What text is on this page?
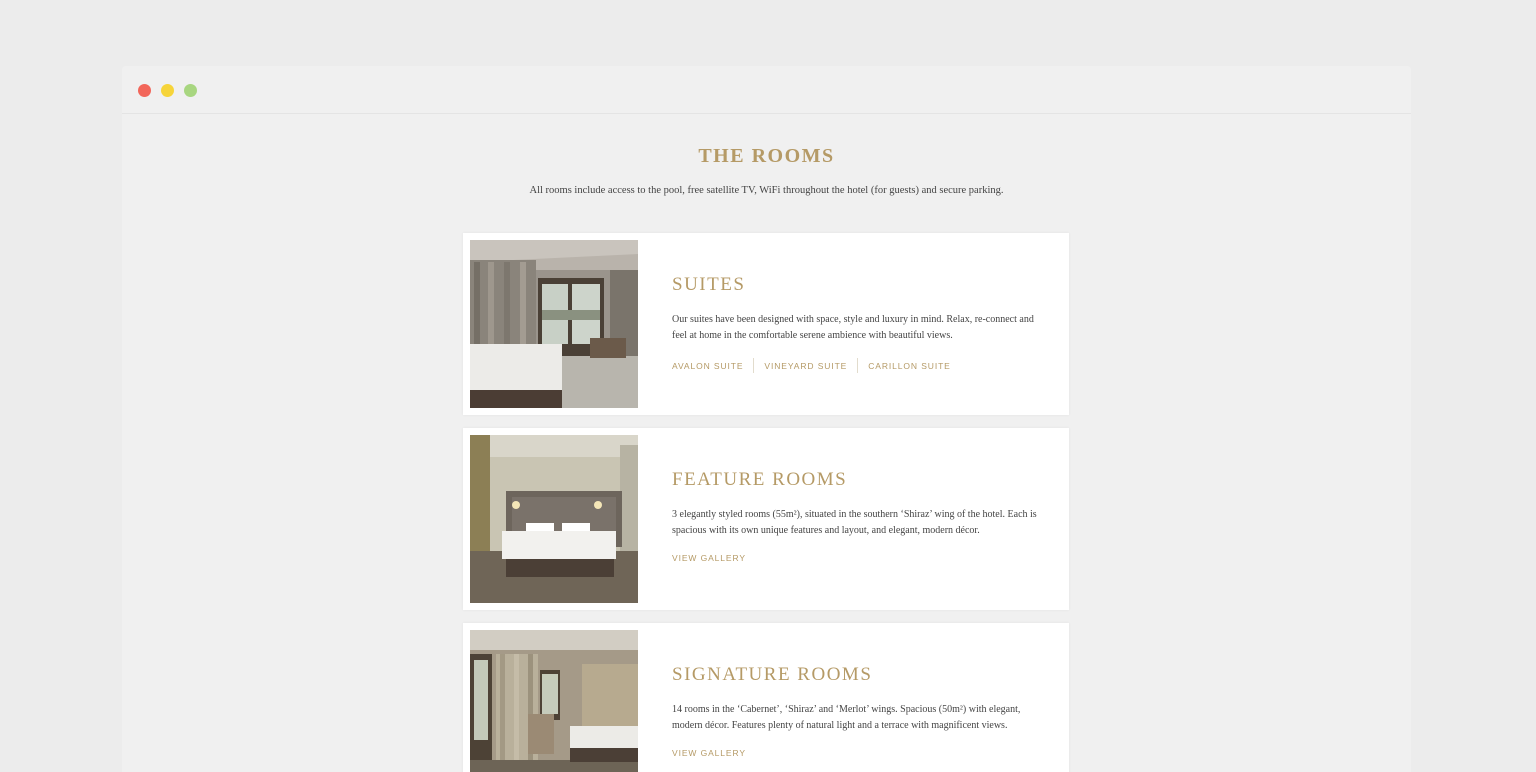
THE ROOMS

All rooms include access to the pool, free satellite TV, WiFi throughout the hotel (for guests) and secure parking.

SUITES
Our suites have been designed with space, style and luxury in mind. Relax, re-connect and feel at home in the comfortable serene ambience with beautiful views.
AVALON SUITE VINEYARD SUITE CARILLON SUITE
FEATURE ROOMS
3 elegantly styled rooms (55m²), situated in the southern ‘Shiraz’ wing of the hotel. Each is spacious with its own unique features and layout, and elegant, modern décor.
VIEW GALLERY
SIGNATURE ROOMS
14 rooms in the ‘Cabernet’, ‘Shiraz’ and ‘Merlot’ wings. Spacious (50m²) with elegant, modern décor. Features plenty of natural light and a terrace with magnificent views.
VIEW GALLERY
